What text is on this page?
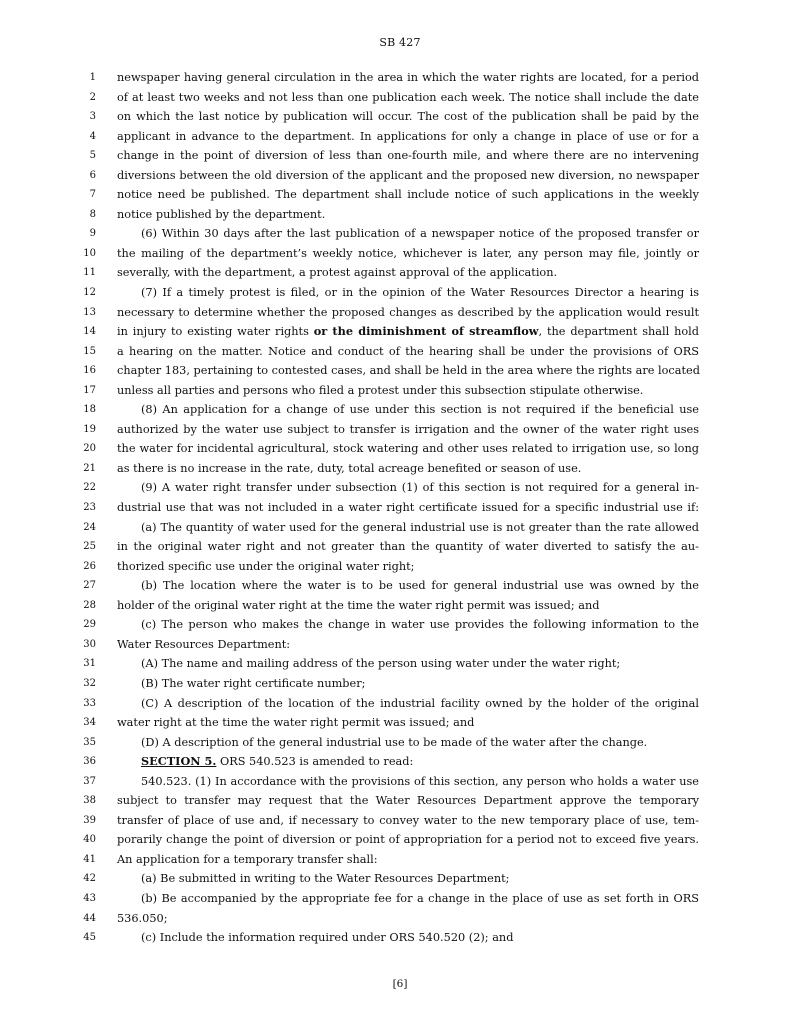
SB 427
1 newspaper having general circulation in the area in which the water rights are located, for a period
2 of at least two weeks and not less than one publication each week. The notice shall include the date
3 on which the last notice by publication will occur. The cost of the publication shall be paid by the
4 applicant in advance to the department. In applications for only a change in place of use or for a
5 change in the point of diversion of less than one-fourth mile, and where there are no intervening
6 diversions between the old diversion of the applicant and the proposed new diversion, no newspaper
7 notice need be published. The department shall include notice of such applications in the weekly
8 notice published by the department.
9	(6) Within 30 days after the last publication of a newspaper notice of the proposed transfer or
10 the mailing of the department’s weekly notice, whichever is later, any person may file, jointly or
11 severally, with the department, a protest against approval of the application.
12	(7) If a timely protest is filed, or in the opinion of the Water Resources Director a hearing is
13 necessary to determine whether the proposed changes as described by the application would result
14 in injury to existing water rights or the diminishment of streamflow, the department shall hold
15 a hearing on the matter. Notice and conduct of the hearing shall be under the provisions of ORS
16 chapter 183, pertaining to contested cases, and shall be held in the area where the rights are located
17 unless all parties and persons who filed a protest under this subsection stipulate otherwise.
18	(8) An application for a change of use under this section is not required if the beneficial use
19 authorized by the water use subject to transfer is irrigation and the owner of the water right uses
20 the water for incidental agricultural, stock watering and other uses related to irrigation use, so long
21 as there is no increase in the rate, duty, total acreage benefited or season of use.
22	(9) A water right transfer under subsection (1) of this section is not required for a general in-
23 dustrial use that was not included in a water right certificate issued for a specific industrial use if:
24	(a) The quantity of water used for the general industrial use is not greater than the rate allowed
25 in the original water right and not greater than the quantity of water diverted to satisfy the au-
26 thorized specific use under the original water right;
27	(b) The location where the water is to be used for general industrial use was owned by the
28 holder of the original water right at the time the water right permit was issued; and
29	(c) The person who makes the change in water use provides the following information to the
30 Water Resources Department:
31	(A) The name and mailing address of the person using water under the water right;
32	(B) The water right certificate number;
33	(C) A description of the location of the industrial facility owned by the holder of the original
34 water right at the time the water right permit was issued; and
35	(D) A description of the general industrial use to be made of the water after the change.
36	SECTION 5. ORS 540.523 is amended to read:
37	540.523. (1) In accordance with the provisions of this section, any person who holds a water use
38 subject to transfer may request that the Water Resources Department approve the temporary
39 transfer of place of use and, if necessary to convey water to the new temporary place of use, tem-
40 porarily change the point of diversion or point of appropriation for a period not to exceed five years.
41 An application for a temporary transfer shall:
42	(a) Be submitted in writing to the Water Resources Department;
43	(b) Be accompanied by the appropriate fee for a change in the place of use as set forth in ORS
44 536.050;
45	(c) Include the information required under ORS 540.520 (2); and
[6]
